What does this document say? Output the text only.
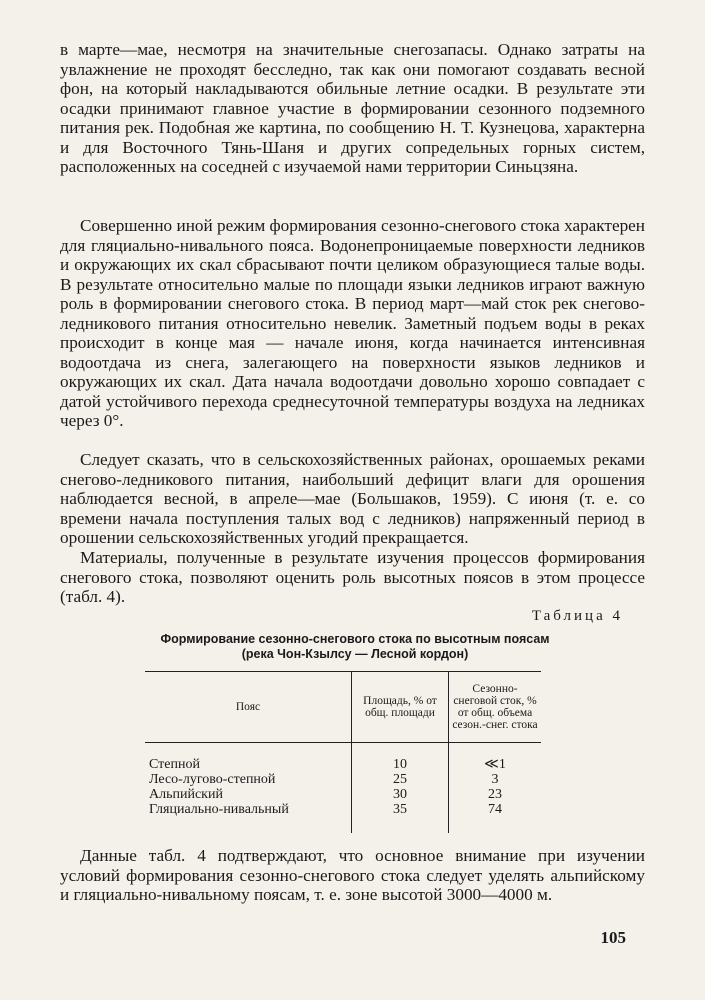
в марте—мае, несмотря на значительные снегозапасы. Однако затраты на увлажнение не проходят бесследно, так как они помогают создавать весной фон, на который накладываются обильные летние осадки. В результате эти осадки принимают главное участие в формировании сезонного подземного питания рек. Подобная же картина, по сообщению Н. Т. Кузнецова, характерна и для Восточного Тянь-Шаня и других сопредельных горных систем, расположенных на соседней с изучаемой нами территории Синьцзяна.

Совершенно иной режим формирования сезонно-снегового стока характерен для гляциально-нивального пояса. Водонепроницаемые поверхности ледников и окружающих их скал сбрасывают почти целиком образующиеся талые воды. В результате относительно малые по площади языки ледников играют важную роль в формировании снегового стока. В период март—май сток рек снегово-ледникового питания относительно невелик. Заметный подъем воды в реках происходит в конце мая — начале июня, когда начинается интенсивная водоотдача из снега, залегающего на поверхности языков ледников и окружающих их скал. Дата начала водоотдачи довольно хорошо совпадает с датой устойчивого перехода среднесуточной температуры воздуха на ледниках через 0°.

Следует сказать, что в сельскохозяйственных районах, орошаемых реками снегово-ледникового питания, наибольший дефицит влаги для орошения наблюдается весной, в апреле—мае (Большаков, 1959). С июня (т. е. со времени начала поступления талых вод с ледников) напряженный период в орошении сельскохозяйственных угодий прекращается.

Материалы, полученные в результате изучения процессов формирования снегового стока, позволяют оценить роль высотных поясов в этом процессе (табл. 4).

Таблица 4

Формирование сезонно-снегового стока по высотным поясам (река Чон-Кзылсу — Лесной кордон)

Пояс	Площадь, % от общ. площади	Сезонно-снеговой сток, % от общ. объема сезон.-снег. стока
Степной	10	≪1
Лесо-лугово-степной	25	3
Альпийский	30	23
Гляциально-нивальный	35	74

Данные табл. 4 подтверждают, что основное внимание при изучении условий формирования сезонно-снегового стока следует уделять альпийскому и гляциально-нивальному поясам, т. е. зоне высотой 3000—4000 м.

105
